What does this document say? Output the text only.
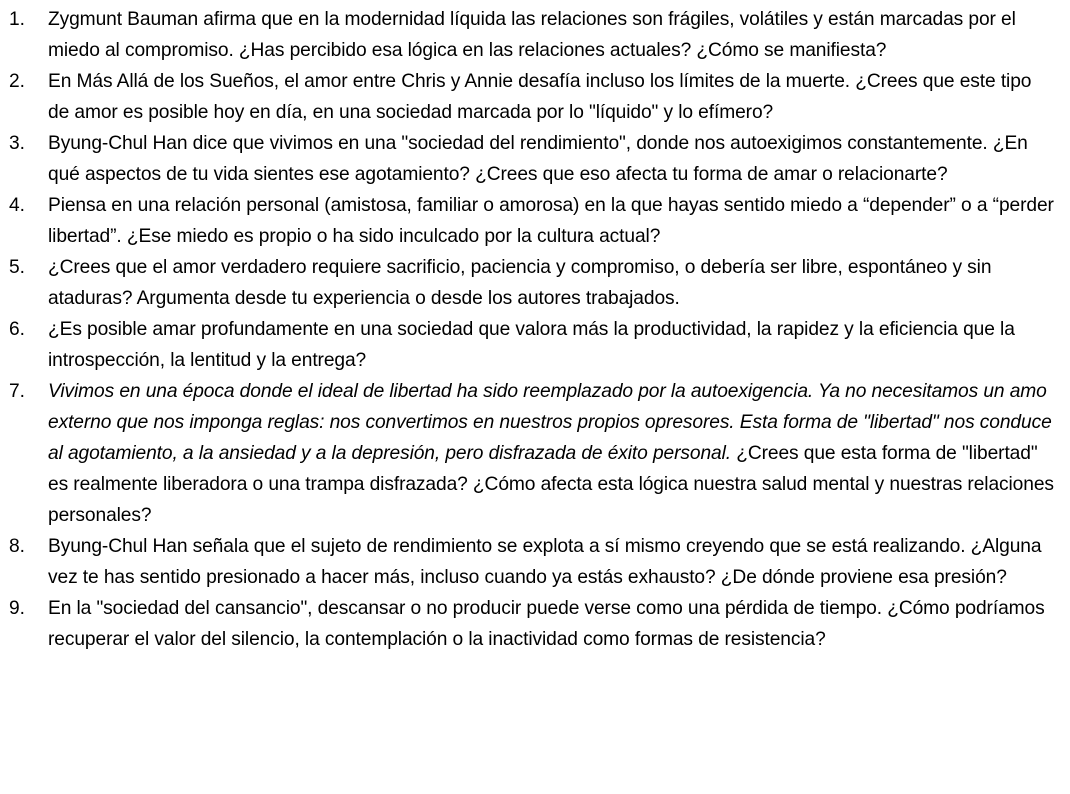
1. Zygmunt Bauman afirma que en la modernidad líquida las relaciones son frágiles, volátiles y están marcadas por el miedo al compromiso. ¿Has percibido esa lógica en las relaciones actuales? ¿Cómo se manifiesta?
2. En Más Allá de los Sueños, el amor entre Chris y Annie desafía incluso los límites de la muerte. ¿Crees que este tipo de amor es posible hoy en día, en una sociedad marcada por lo "líquido" y lo efímero?
3. Byung-Chul Han dice que vivimos en una "sociedad del rendimiento", donde nos autoexigimos constantemente. ¿En qué aspectos de tu vida sientes ese agotamiento? ¿Crees que eso afecta tu forma de amar o relacionarte?
4. Piensa en una relación personal (amistosa, familiar o amorosa) en la que hayas sentido miedo a “depender” o a “perder libertad”. ¿Ese miedo es propio o ha sido inculcado por la cultura actual?
5. ¿Crees que el amor verdadero requiere sacrificio, paciencia y compromiso, o debería ser libre, espontáneo y sin ataduras? Argumenta desde tu experiencia o desde los autores trabajados.
6. ¿Es posible amar profundamente en una sociedad que valora más la productividad, la rapidez y la eficiencia que la introspección, la lentitud y la entrega?
7. Vivimos en una época donde el ideal de libertad ha sido reemplazado por la autoexigencia. Ya no necesitamos un amo externo que nos imponga reglas: nos convertimos en nuestros propios opresores. Esta forma de "libertad" nos conduce al agotamiento, a la ansiedad y a la depresión, pero disfrazada de éxito personal. ¿Crees que esta forma de "libertad" es realmente liberadora o una trampa disfrazada? ¿Cómo afecta esta lógica nuestra salud mental y nuestras relaciones personales?
8. Byung-Chul Han señala que el sujeto de rendimiento se explota a sí mismo creyendo que se está realizando. ¿Alguna vez te has sentido presionado a hacer más, incluso cuando ya estás exhausto? ¿De dónde proviene esa presión?
9. En la "sociedad del cansancio", descansar o no producir puede verse como una pérdida de tiempo. ¿Cómo podríamos recuperar el valor del silencio, la contemplación o la inactividad como formas de resistencia?
